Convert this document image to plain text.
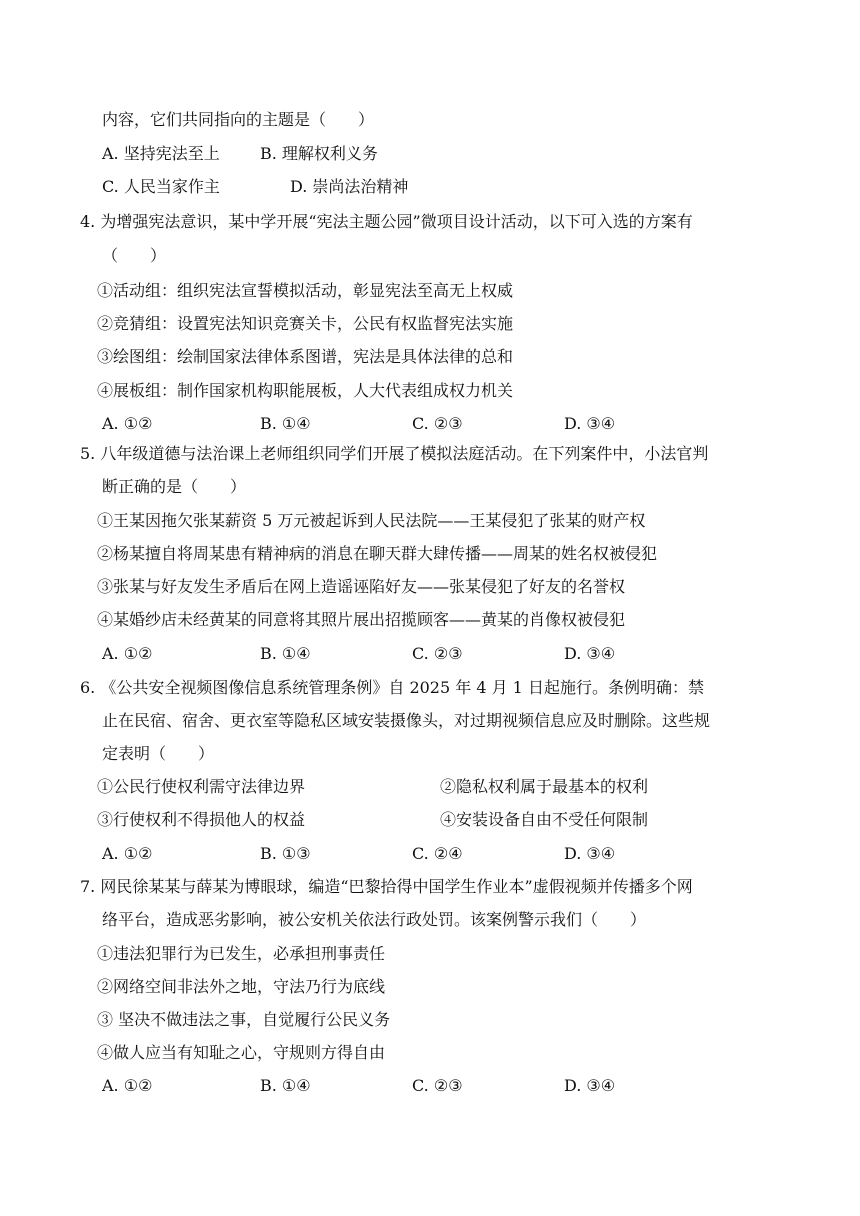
内容，它们共同指向的主题是（　　）
A. 坚持宪法至上	B. 理解权利义务
C. 人民当家作主	D. 崇尚法治精神
4. 为增强宪法意识，某中学开展“宪法主题公园”微项目设计活动，以下可入选的方案有
（　　）
①活动组：组织宪法宣誓模拟活动，彰显宪法至高无上权威
②竞猜组：设置宪法知识竞赛关卡，公民有权监督宪法实施
③绘图组：绘制国家法律体系图谱，宪法是具体法律的总和
④展板组：制作国家机构职能展板，人大代表组成权力机关
A. ①②	B. ①④	C. ②③	D. ③④
5. 八年级道德与法治课上老师组织同学们开展了模拟法庭活动。在下列案件中，小法官判
断正确的是（　　）
①王某因拖欠张某薪资 5 万元被起诉到人民法院——王某侵犯了张某的财产权
②杨某擅自将周某患有精神病的消息在聊天群大肆传播——周某的姓名权被侵犯
③张某与好友发生矛盾后在网上造谣诬陷好友——张某侵犯了好友的名誉权
④某婚纱店未经黄某的同意将其照片展出招揽顾客——黄某的肖像权被侵犯
A. ①②	B. ①④	C. ②③	D. ③④
6. 《公共安全视频图像信息系统管理条例》自 2025 年 4 月 1 日起施行。条例明确：禁
止在民宿、宿舍、更衣室等隐私区域安装摄像头，对过期视频信息应及时删除。这些规
定表明（　　）
①公民行使权利需守法律边界	②隐私权利属于最基本的权利
③行使权利不得损他人的权益	④安装设备自由不受任何限制
A. ①②	B. ①③	C. ②④	D. ③④
7. 网民徐某某与薛某为博眼球，编造“巴黎拾得中国学生作业本”虚假视频并传播多个网
络平台，造成恶劣影响，被公安机关依法行政处罚。该案例警示我们（　　）
①违法犯罪行为已发生，必承担刑事责任
②网络空间非法外之地，守法乃行为底线
③ 坚决不做违法之事，自觉履行公民义务
④做人应当有知耻之心，守规则方得自由
A. ①②	B. ①④	C. ②③	D. ③④
